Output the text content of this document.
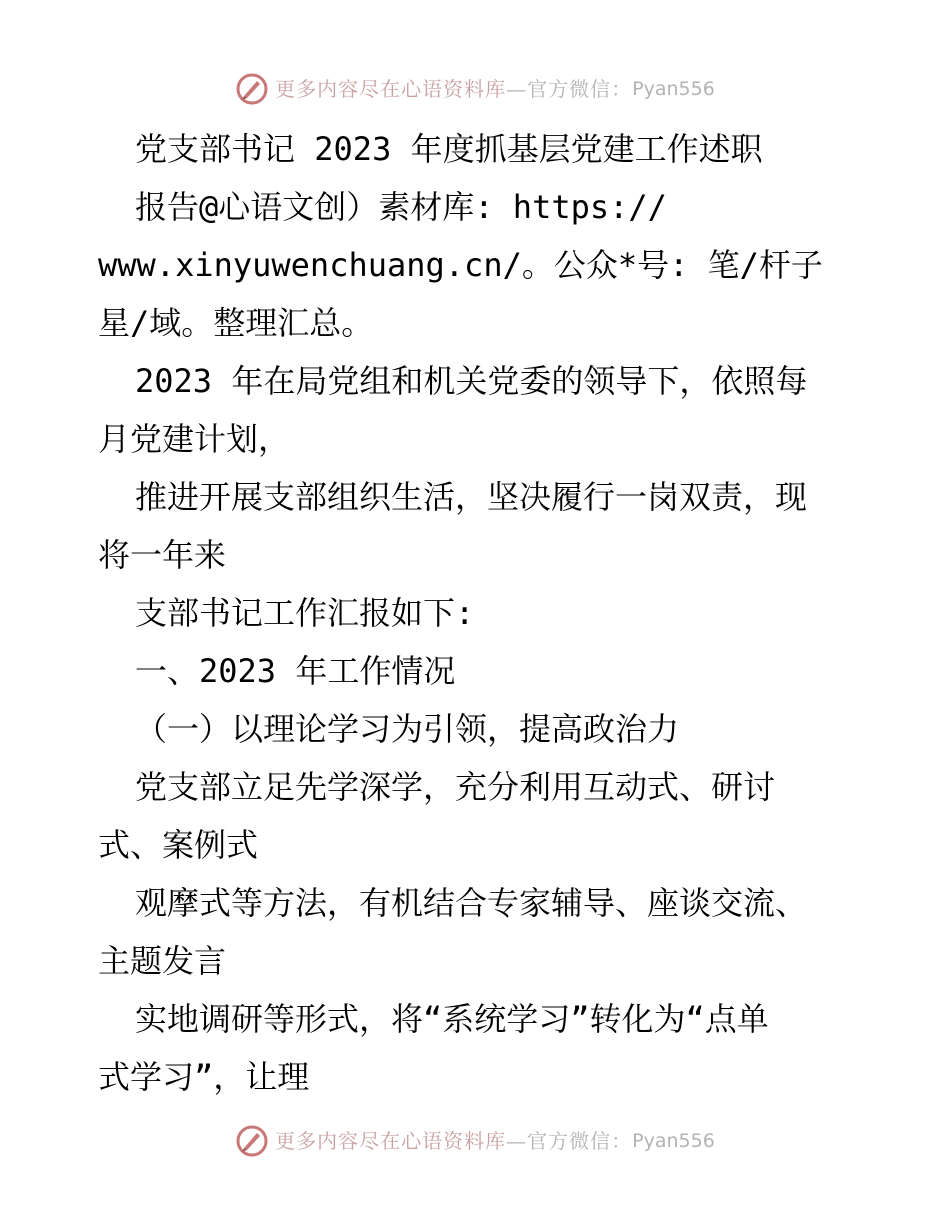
更多内容尽在心语资料库 —官方微信： Pyan556
党支部书记 2023 年度抓基层党建工作述职
报告@心语文创）素材库: https://
www.xinyuwenchuang.cn/。公众*号: 笔/杆子
星/域。整理汇总。
2023 年在局党组和机关党委的领导下，依照每
月党建计划，
推进开展支部组织生活，坚决履行一岗双责，现
将一年来
支部书记工作汇报如下:
一、2023 年工作情况
（一）以理论学习为引领，提高政治力
党支部立足先学深学，充分利用互动式、研讨
式、案例式
观摩式等方法，有机结合专家辅导、座谈交流、
主题发言
实地调研等形式，将“系统学习”转化为“点单
式学习”，让理
更多内容尽在心语资料库 —官方微信： Pyan556
